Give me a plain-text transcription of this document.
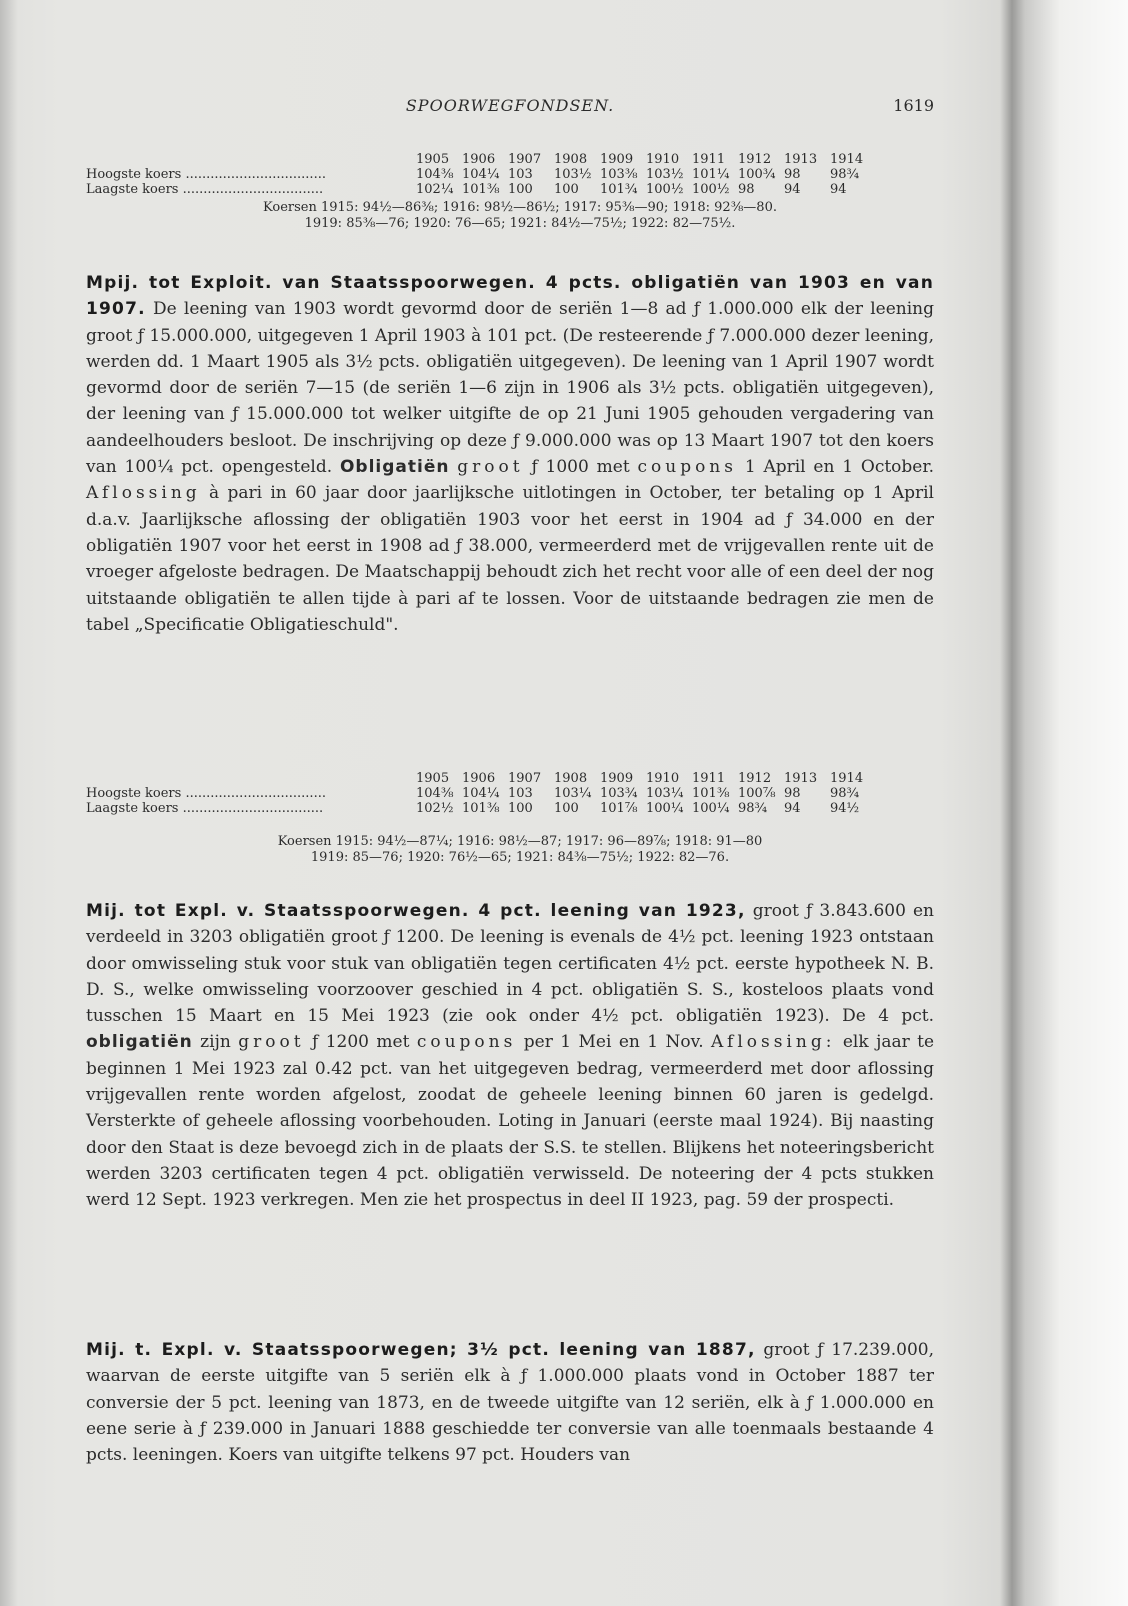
SPOORWEGFONDSEN.	1619
	1905	1906	1907	1908	1909	1910	1911	1912	1913	1914
Hoogste koers ..................................	104⅜	104¼	103	103½	103⅜	103½	101¼	100¾	98	98¾
Laagste koers ..................................	102¼	101⅜	100	100	101¾	100½	100½	98	94	94
Koersen 1915: 94½—86⅜; 1916: 98½—86½; 1917: 95⅜—90; 1918: 92⅜—80.
1919: 85⅜—76; 1920: 76—65; 1921: 84½—75½; 1922: 82—75½.
Mpij. tot Exploit. van Staatsspoorwegen. 4 pcts. obligatiën van 1903 en van 1907. De leening van 1903 wordt gevormd door de seriën 1—8 ad ƒ 1.000.000 elk der leening groot ƒ 15.000.000, uitgegeven 1 April 1903 à 101 pct. (De resteerende ƒ 7.000.000 dezer leening, werden dd. 1 Maart 1905 als 3½ pcts. obligatiën uitgegeven). De leening van 1 April 1907 wordt gevormd door de seriën 7—15 (de seriën 1—6 zijn in 1906 als 3½ pcts. obligatiën uitgegeven), der leening van ƒ 15.000.000 tot welker uitgifte de op 21 Juni 1905 gehouden vergadering van aandeelhouders besloot. De inschrijving op deze ƒ 9.000.000 was op 13 Maart 1907 tot den koers van 100¼ pct. opengesteld. Obligatiën groot ƒ 1000 met coupons 1 April en 1 October. Aflossing à pari in 60 jaar door jaarlijksche uitlotingen in October, ter betaling op 1 April d.a.v. Jaarlijksche aflossing der obligatiën 1903 voor het eerst in 1904 ad ƒ 34.000 en der obligatiën 1907 voor het eerst in 1908 ad ƒ 38.000, vermeerderd met de vrijgevallen rente uit de vroeger afgeloste bedragen. De Maatschappij behoudt zich het recht voor alle of een deel der nog uitstaande obligatiën te allen tijde à pari af te lossen. Voor de uitstaande bedragen zie men de tabel „Specificatie Obligatieschuld".
	1905	1906	1907	1908	1909	1910	1911	1912	1913	1914
Hoogste koers ..................................	104⅜	104¼	103	103¼	103¾	103¼	101⅜	100⅞	98	98¾
Laagste koers ..................................	102½	101⅜	100	100	101⅞	100¼	100¼	98¾	94	94½
Koersen 1915: 94½—87¼; 1916: 98½—87; 1917: 96—89⅞; 1918: 91—80
1919: 85—76; 1920: 76½—65; 1921: 84⅜—75½; 1922: 82—76.
Mij. tot Expl. v. Staatsspoorwegen. 4 pct. leening van 1923, groot ƒ 3.843.600 en verdeeld in 3203 obligatiën groot ƒ 1200. De leening is evenals de 4½ pct. leening 1923 ontstaan door omwisseling stuk voor stuk van obligatiën tegen certificaten 4½ pct. eerste hypotheek N. B. D. S., welke omwisseling voorzoover geschied in 4 pct. obligatiën S. S., kosteloos plaats vond tusschen 15 Maart en 15 Mei 1923 (zie ook onder 4½ pct. obligatiën 1923). De 4 pct. obligatiën zijn groot ƒ 1200 met coupons per 1 Mei en 1 Nov. Aflossing: elk jaar te beginnen 1 Mei 1923 zal 0.42 pct. van het uitgegeven bedrag, vermeerderd met door aflossing vrijgevallen rente worden afgelost, zoodat de geheele leening binnen 60 jaren is gedelgd. Versterkte of geheele aflossing voorbehouden. Loting in Januari (eerste maal 1924). Bij naasting door den Staat is deze bevoegd zich in de plaats der S.S. te stellen. Blijkens het noteeringsbericht werden 3203 certificaten tegen 4 pct. obligatiën verwisseld. De noteering der 4 pcts stukken werd 12 Sept. 1923 verkregen. Men zie het prospectus in deel II 1923, pag. 59 der prospecti.
Mij. t. Expl. v. Staatsspoorwegen; 3½ pct. leening van 1887, groot ƒ 17.239.000, waarvan de eerste uitgifte van 5 seriën elk à ƒ 1.000.000 plaats vond in October 1887 ter conversie der 5 pct. leening van 1873, en de tweede uitgifte van 12 seriën, elk à ƒ 1.000.000 en eene serie à ƒ 239.000 in Januari 1888 geschiedde ter conversie van alle toenmaals bestaande 4 pcts. leeningen. Koers van uitgifte telkens 97 pct. Houders van
